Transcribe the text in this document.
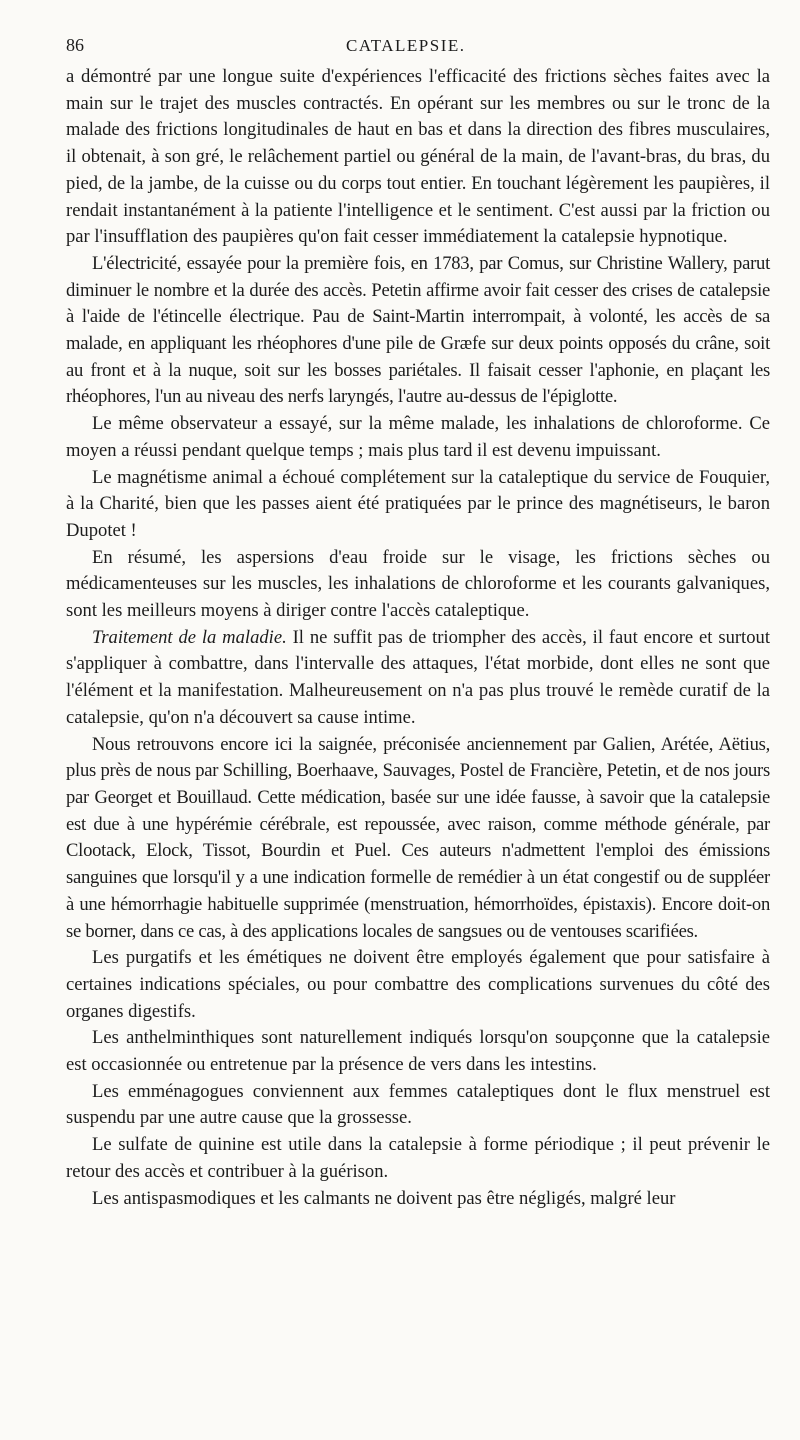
86	CATALEPSIE.

a démontré par une longue suite d'expériences l'efficacité des frictions sèches faites avec la main sur le trajet des muscles contractés. En opérant sur les membres ou sur le tronc de la malade des frictions longitudinales de haut en bas et dans la direction des fibres musculaires, il obtenait, à son gré, le relâchement partiel ou général de la main, de l'avant-bras, du bras, du pied, de la jambe, de la cuisse ou du corps tout entier. En touchant légèrement les paupières, il rendait instantanément à la patiente l'intelligence et le sentiment. C'est aussi par la friction ou par l'insufflation des paupières qu'on fait cesser immédiatement la catalepsie hypnotique.

L'électricité, essayée pour la première fois, en 1783, par Comus, sur Christine Wallery, parut diminuer le nombre et la durée des accès. Petetin affirme avoir fait cesser des crises de catalepsie à l'aide de l'étincelle électrique. Pau de Saint-Martin interrompait, à volonté, les accès de sa malade, en appliquant les rhéophores d'une pile de Græfe sur deux points opposés du crâne, soit au front et à la nuque, soit sur les bosses pariétales. Il faisait cesser l'aphonie, en plaçant les rhéophores, l'un au niveau des nerfs laryngés, l'autre au-dessus de l'épiglotte.

Le même observateur a essayé, sur la même malade, les inhalations de chloroforme. Ce moyen a réussi pendant quelque temps ; mais plus tard il est devenu impuissant.

Le magnétisme animal a échoué complétement sur la cataleptique du service de Fouquier, à la Charité, bien que les passes aient été pratiquées par le prince des magnétiseurs, le baron Dupotet !

En résumé, les aspersions d'eau froide sur le visage, les frictions sèches ou médicamenteuses sur les muscles, les inhalations de chloroforme et les courants galvaniques, sont les meilleurs moyens à diriger contre l'accès cataleptique.

Traitement de la maladie. Il ne suffit pas de triompher des accès, il faut encore et surtout s'appliquer à combattre, dans l'intervalle des attaques, l'état morbide, dont elles ne sont que l'élément et la manifestation. Malheureusement on n'a pas plus trouvé le remède curatif de la catalepsie, qu'on n'a découvert sa cause intime.

Nous retrouvons encore ici la saignée, préconisée anciennement par Galien, Arétée, Aëtius, plus près de nous par Schilling, Boerhaave, Sauvages, Postel de Francière, Petetin, et de nos jours par Georget et Bouillaud. Cette médication, basée sur une idée fausse, à savoir que la catalepsie est due à une hypérémie cérébrale, est repoussée, avec raison, comme méthode générale, par Clootack, Elock, Tissot, Bourdin et Puel. Ces auteurs n'admettent l'emploi des émissions sanguines que lorsqu'il y a une indication formelle de remédier à un état congestif ou de suppléer à une hémorrhagie habituelle supprimée (menstruation, hémorrhoïdes, épistaxis). Encore doit-on se borner, dans ce cas, à des applications locales de sangsues ou de ventouses scarifiées.

Les purgatifs et les émétiques ne doivent être employés également que pour satisfaire à certaines indications spéciales, ou pour combattre des complications survenues du côté des organes digestifs.

Les anthelminthiques sont naturellement indiqués lorsqu'on soupçonne que la catalepsie est occasionnée ou entretenue par la présence de vers dans les intestins.

Les emménagogues conviennent aux femmes cataleptiques dont le flux menstruel est suspendu par une autre cause que la grossesse.

Le sulfate de quinine est utile dans la catalepsie à forme périodique ; il peut prévenir le retour des accès et contribuer à la guérison.

Les antispasmodiques et les calmants ne doivent pas être négligés, malgré leur
